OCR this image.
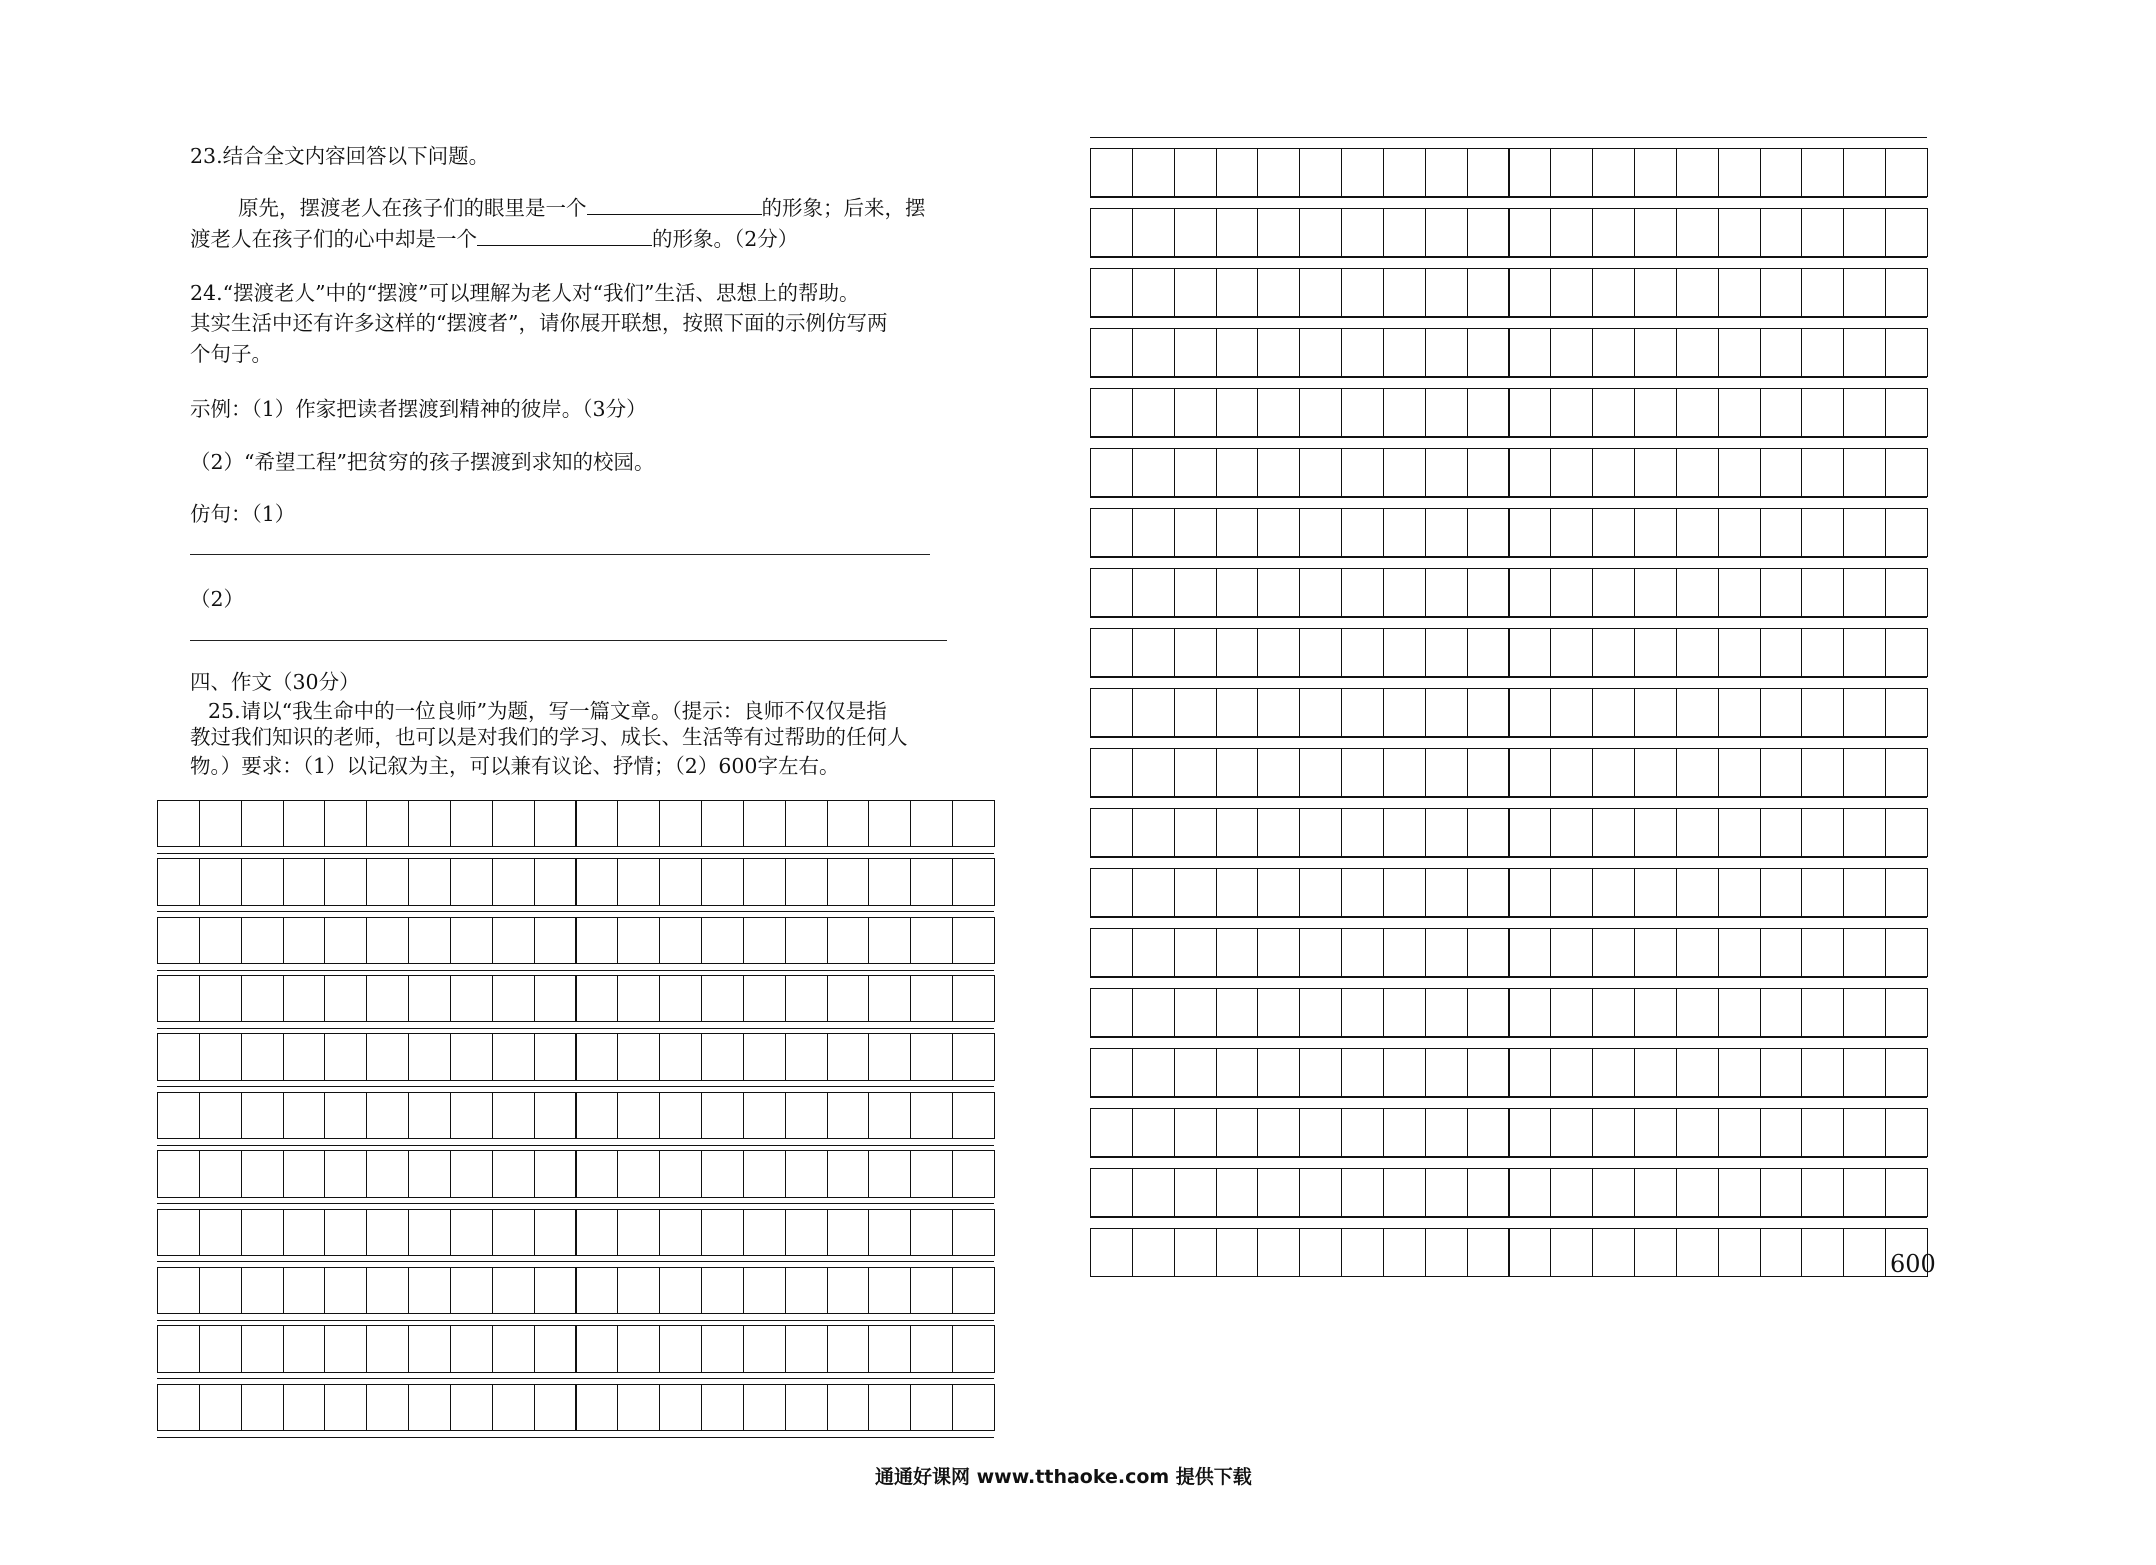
23.结合全文内容回答以下问题。
原先，摆渡老人在孩子们的眼里是一个	的形象；后来，摆
渡老人在孩子们的心中却是一个	的形象。（2分）
24.“摆渡老人”中的“摆渡”可以理解为老人对“我们”生活、思想上的帮助。
其实生活中还有许多这样的“摆渡者”，请你展开联想，按照下面的示例仿写两
个句子。
示例：（1）作家把读者摆渡到精神的彼岸。（3分）
（2）“希望工程”把贫穷的孩子摆渡到求知的校园。
仿句：（1）
（2）
四、作文（30分）
25.请以“我生命中的一位良师”为题，写一篇文章。（提示：良师不仅仅是指
教过我们知识的老师，也可以是对我们的学习、成长、生活等有过帮助的任何人
物。）要求：（1）以记叙为主，可以兼有议论、抒情；（2）600字左右。
600
通通好课网 www.tthaoke.com 提供下载
